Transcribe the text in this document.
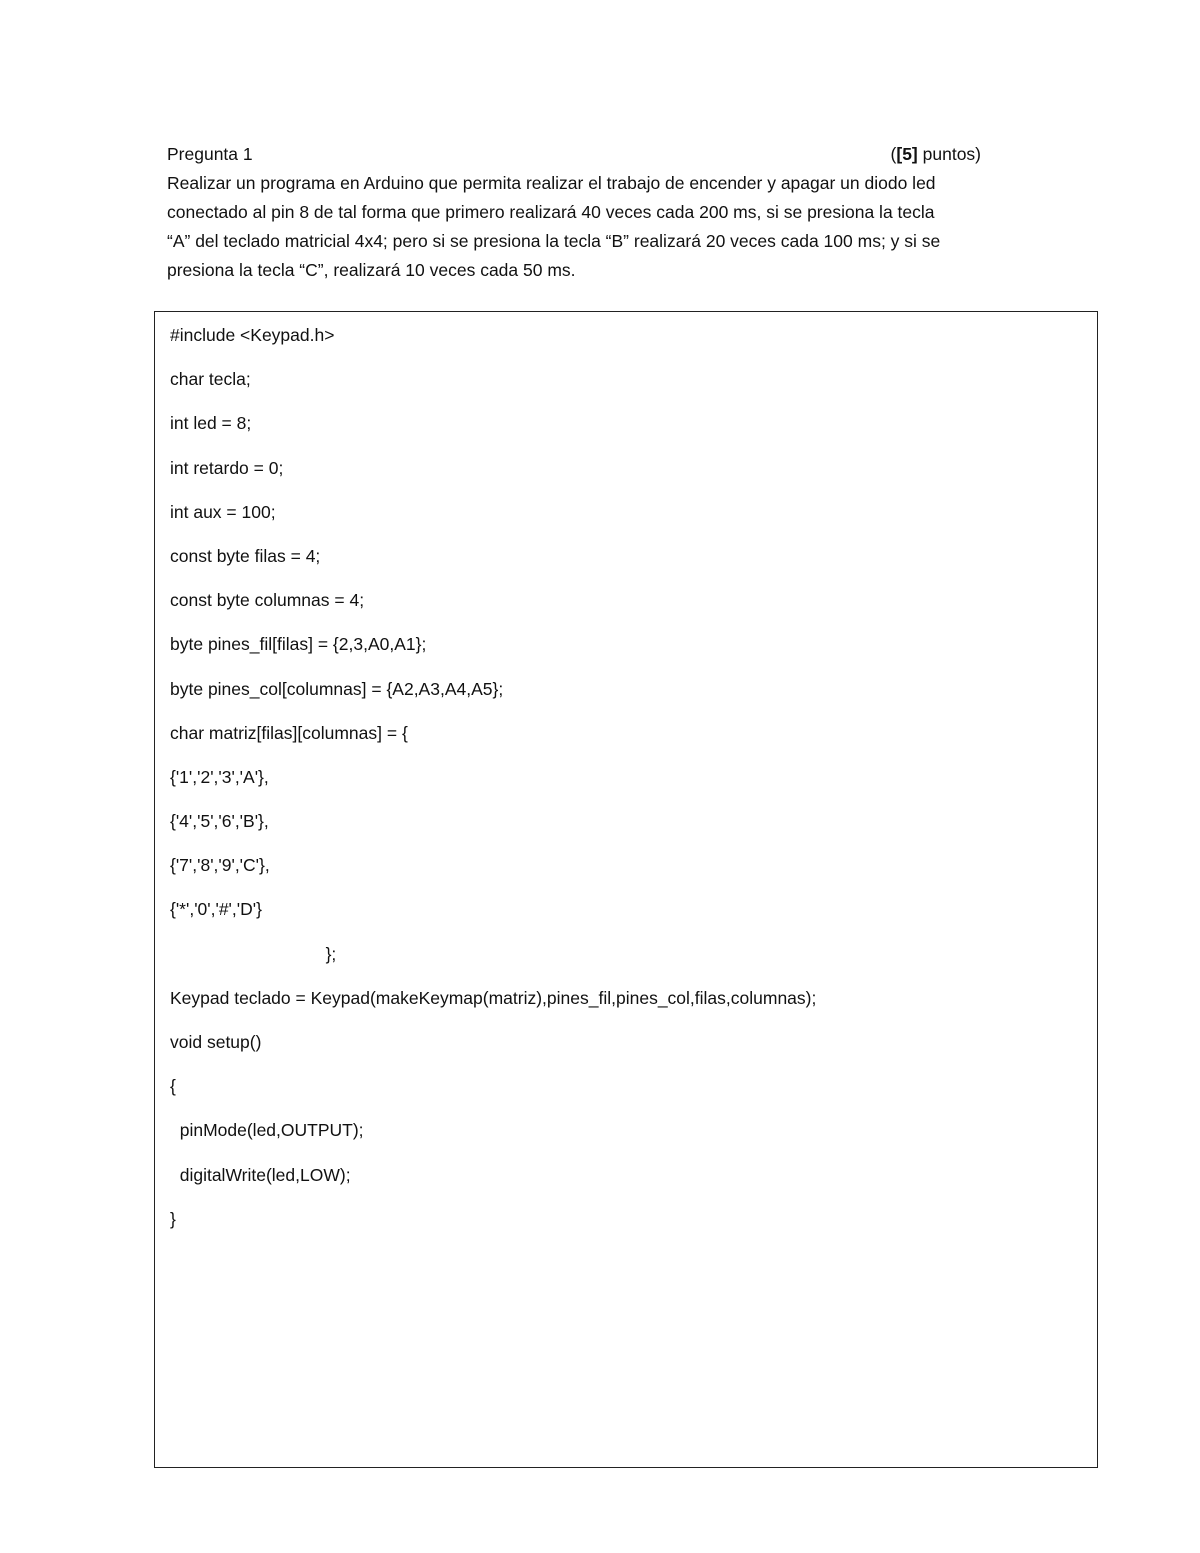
Pregunta 1	([5] puntos)
Realizar un programa en Arduino que permita realizar el trabajo de encender y apagar un diodo led
conectado al pin 8 de tal forma que primero realizará 40 veces cada 200 ms, si se presiona la tecla
“A” del teclado matricial 4x4; pero si se presiona la tecla “B” realizará 20 veces cada 100 ms; y si se
presiona la tecla “C”, realizará 10 veces cada 50 ms.
#include <Keypad.h>
char tecla;
int led = 8;
int retardo = 0;
int aux = 100;
const byte filas = 4;
const byte columnas = 4;
byte pines_fil[filas] = {2,3,A0,A1};
byte pines_col[columnas] = {A2,A3,A4,A5};
char matriz[filas][columnas] = {
{'1','2','3','A'},
{'4','5','6','B'},
{'7','8','9','C'},
{'*','0','#','D'}
};
Keypad teclado = Keypad(makeKeymap(matriz),pines_fil,pines_col,filas,columnas);
void setup()
{
pinMode(led,OUTPUT);
digitalWrite(led,LOW);
}
